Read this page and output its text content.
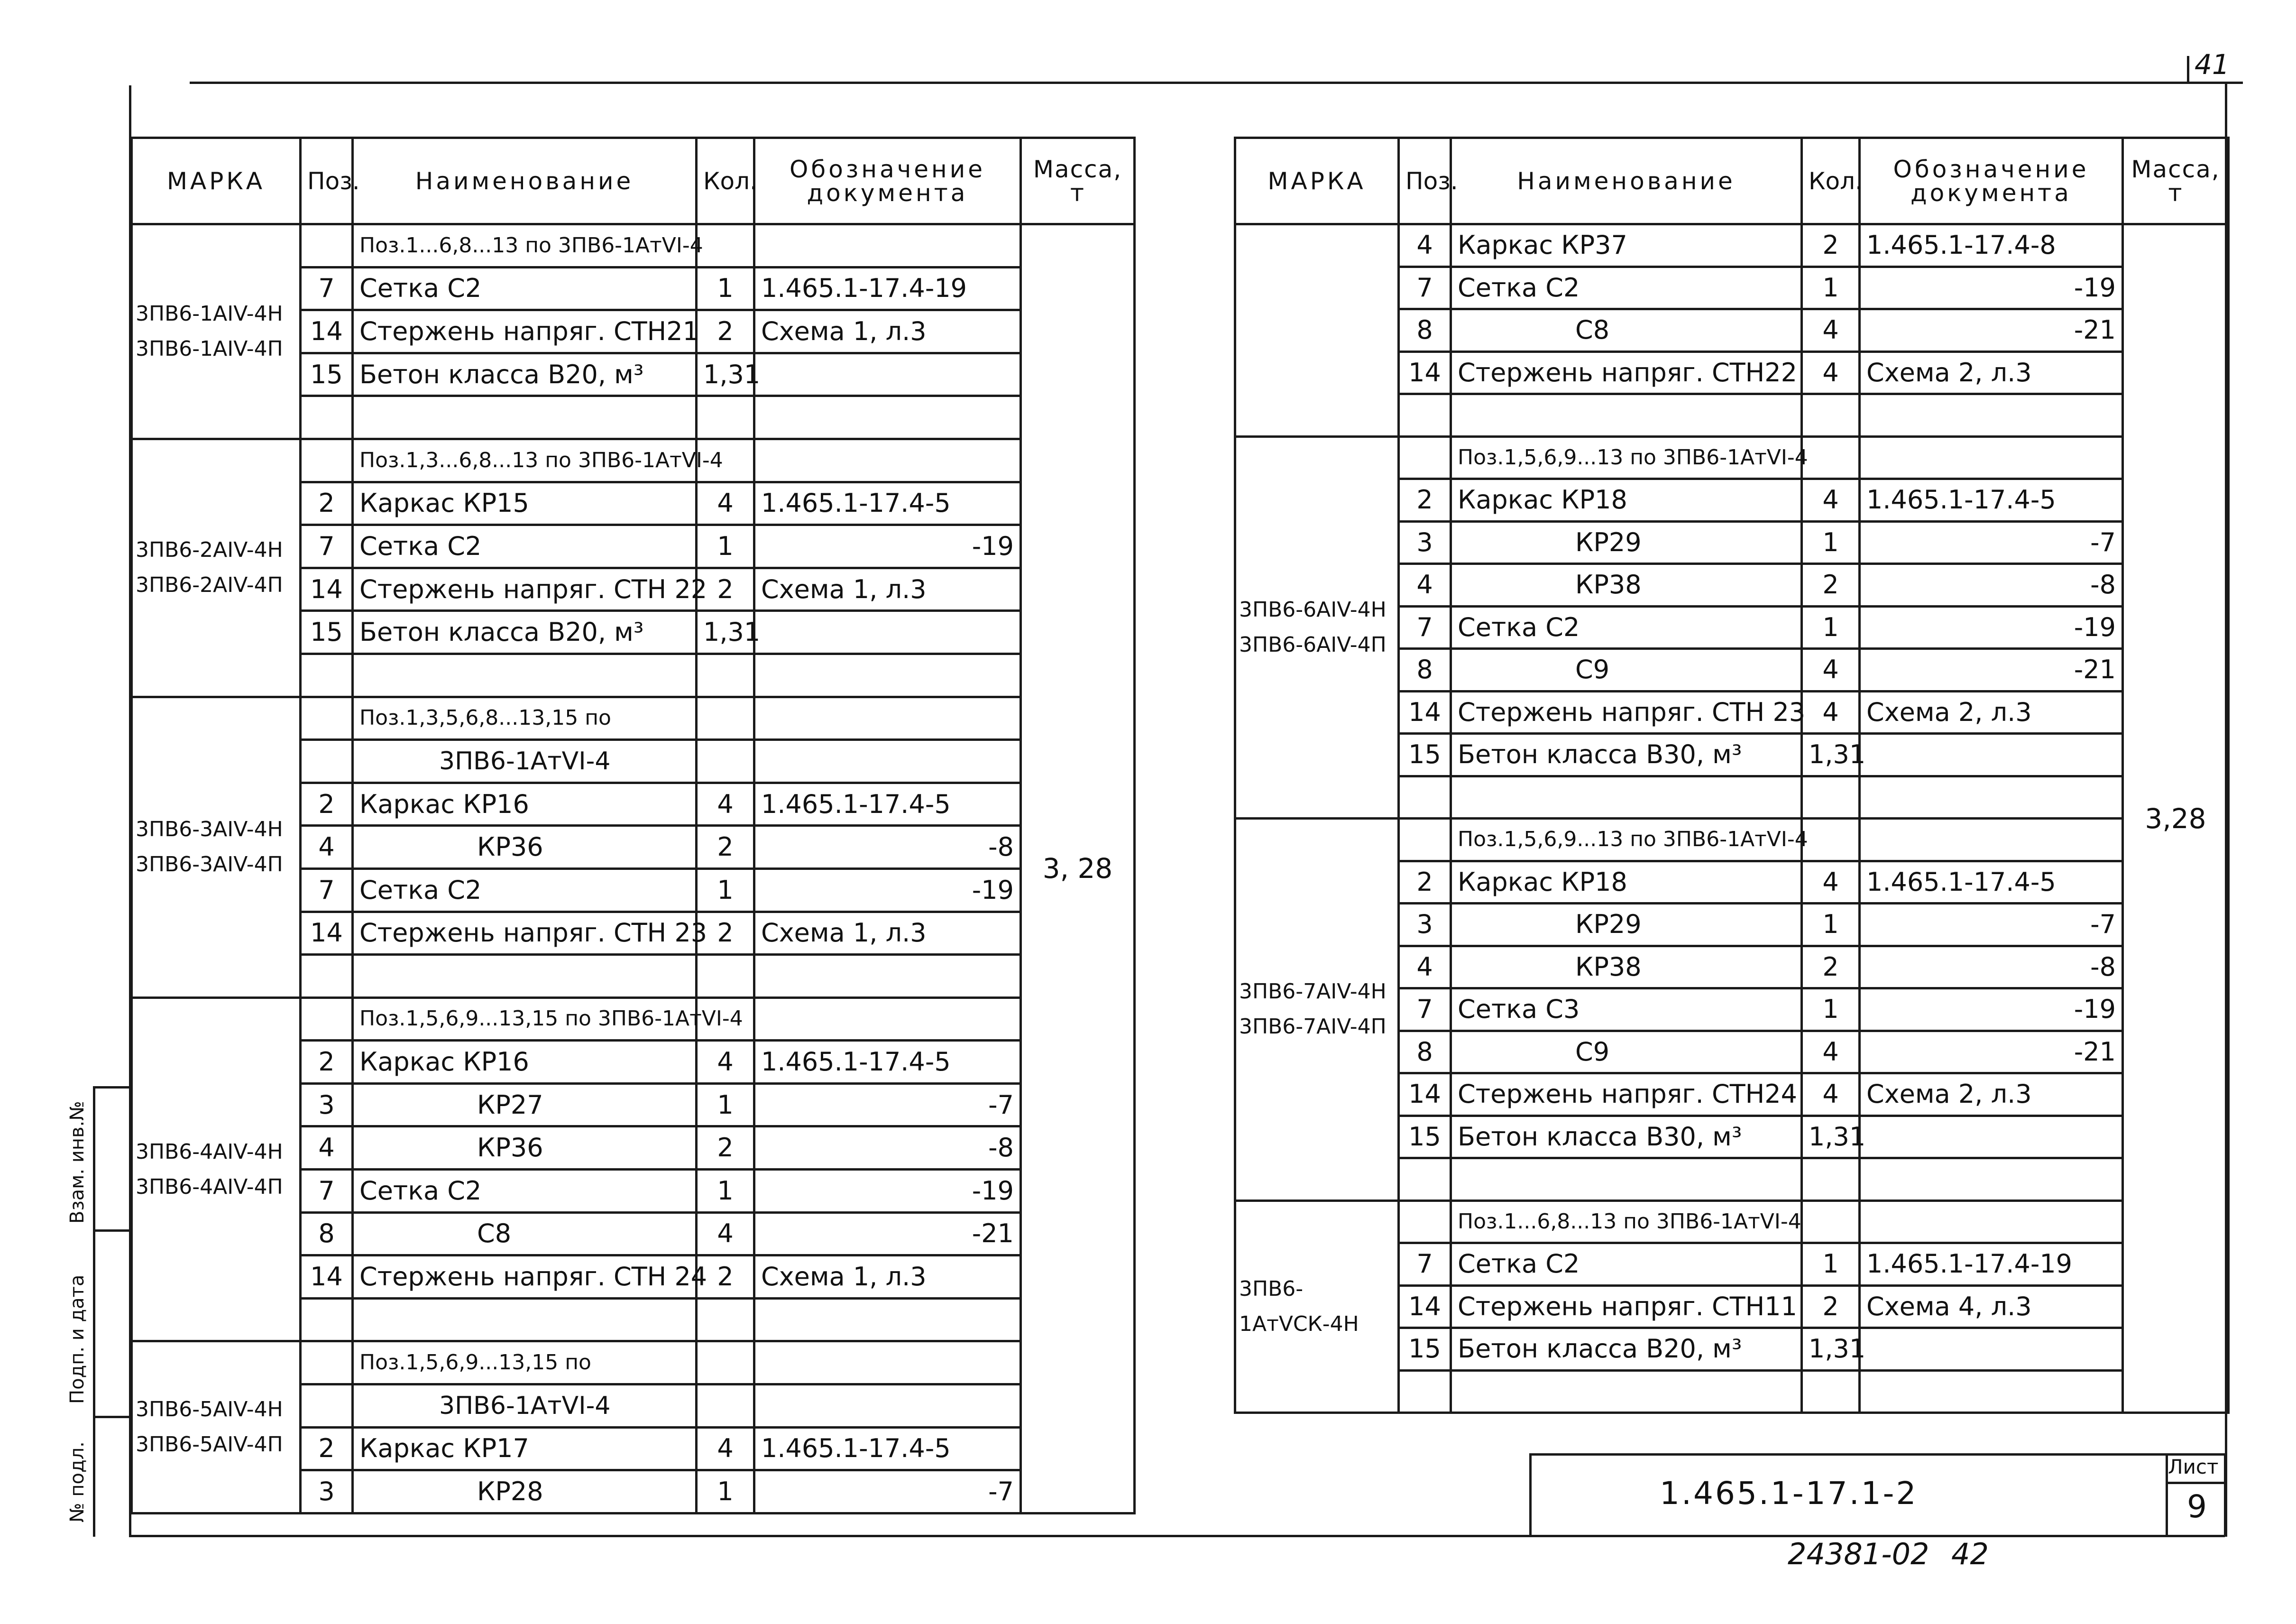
41
Взам. инв.№
Подп. и дата
№ подл.
МАРКА	Поз.	Наименование	Кол.	Обозначение документа	Масса, т

3ПВ6-1АIV-4Н
3ПВ6-1АIV-4П		Поз.1...6,8...13 по 3ПВ6-1АтVI-4			3, 28
	7	Сетка С2	1	1.465.1-17.4-19	
	14	Стержень напряг. СТН21	2	Схема 1, л.3	
	15	Бетон класса В20, м³	1,31		

3ПВ6-2АIV-4Н
3ПВ6-2АIV-4П		Поз.1,3...6,8...13 по 3ПВ6-1АтVI-4			
	2	Каркас КР15	4	1.465.1-17.4-5	
	7	Сетка С2	1	-19	
	14	Стержень напряг. СТН 22	2	Схема 1, л.3	
	15	Бетон класса В20, м³	1,31		

3ПВ6-3АIV-4Н
3ПВ6-3АIV-4П		Поз.1,3,5,6,8...13,15 по			
		3ПВ6-1АтVI-4			
	2	Каркас КР16	4	1.465.1-17.4-5	
	4	КР36	2	-8	
	7	Сетка С2	1	-19	
	14	Стержень напряг. СТН 23	2	Схема 1, л.3	

3ПВ6-4АIV-4Н
3ПВ6-4АIV-4П		Поз.1,5,6,9...13,15 по 3ПВ6-1АтVI-4			
	2	Каркас КР16	4	1.465.1-17.4-5	
	3	КР27	1	-7	
	4	КР36	2	-8	
	7	Сетка С2	1	-19	
	8	С8	4	-21	
	14	Стержень напряг. СТН 24	2	Схема 1, л.3	

3ПВ6-5АIV-4Н
3ПВ6-5АIV-4П		Поз.1,5,6,9...13,15 по			
		3ПВ6-1АтVI-4			
	2	Каркас КР17	4	1.465.1-17.4-5	
	3	КР28	1	-7	
МАРКА	Поз.	Наименование	Кол.	Обозначение документа	Масса, т
	4	Каркас КР37	2	1.465.1-17.4-8	3,28
	7	Сетка С2	1	-19	
	8	С8	4	-21	
	14	Стержень напряг. СТН22	4	Схема 2, л.3	

3ПВ6-6АIV-4Н
3ПВ6-6АIV-4П		Поз.1,5,6,9...13 по 3ПВ6-1АтVI-4			
	2	Каркас КР18	4	1.465.1-17.4-5	
	3	КР29	1	-7	
	4	КР38	2	-8	
	7	Сетка С2	1	-19	
	8	С9	4	-21	
	14	Стержень напряг. СТН 23	4	Схема 2, л.3	
	15	Бетон класса В30, м³	1,31		

3ПВ6-7АIV-4Н
3ПВ6-7АIV-4П		Поз.1,5,6,9...13 по 3ПВ6-1АтVI-4			
	2	Каркас КР18	4	1.465.1-17.4-5	
	3	КР29	1	-7	
	4	КР38	2	-8	
	7	Сетка С3	1	-19	
	8	С9	4	-21	
	14	Стержень напряг. СТН24	4	Схема 2, л.3	
	15	Бетон класса В30, м³	1,31		

3ПВ6-1АтVСК-4Н		Поз.1...6,8...13 по 3ПВ6-1АтVI-4			
	7	Сетка С2	1	1.465.1-17.4-19	
	14	Стержень напряг. СТН11	2	Схема 4, л.3	
	15	Бетон класса В20, м³	1,31		

1.465.1-17.1-2
Лист
9
24381-02 42
